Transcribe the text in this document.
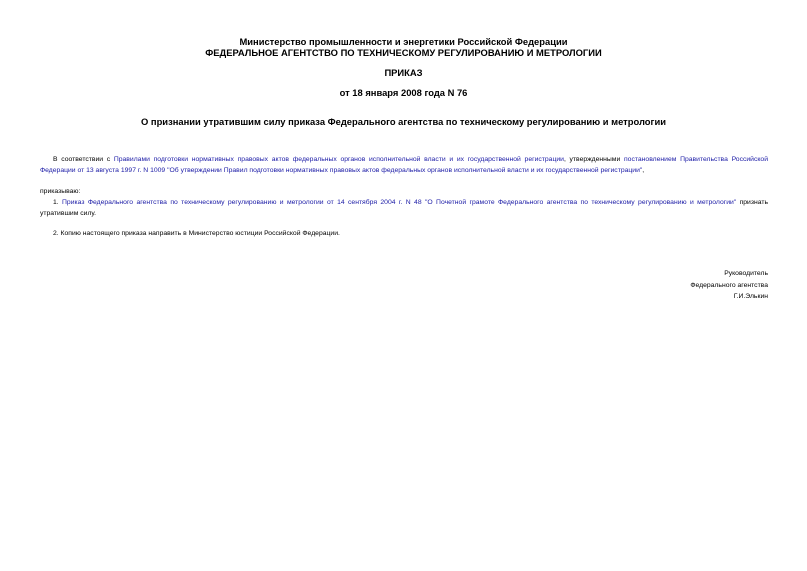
Министерство промышленности и энергетики Российской Федерации
ФЕДЕРАЛЬНОЕ АГЕНТСТВО ПО ТЕХНИЧЕСКОМУ РЕГУЛИРОВАНИЮ И МЕТРОЛОГИИ
ПРИКАЗ
от 18 января 2008 года N 76
О признании утратившим силу приказа Федерального агентства по техническому регулированию и метрологии
В соответствии с Правилами подготовки нормативных правовых актов федеральных органов исполнительной власти и их государственной регистрации, утвержденными постановлением Правительства Российской Федерации от 13 августа 1997 г. N 1009 "Об утверждении Правил подготовки нормативных правовых актов федеральных органов исполнительной власти и их государственной регистрации",
приказываю:
1. Приказ Федерального агентства по техническому регулированию и метрологии от 14 сентября 2004 г. N 48 "О Почетной грамоте Федерального агентства по техническому регулированию и метрологии" признать утратившим силу.
2. Копию настоящего приказа направить в Министерство юстиции Российской Федерации.
Руководитель
Федерального агентства
Г.И.Элькин
